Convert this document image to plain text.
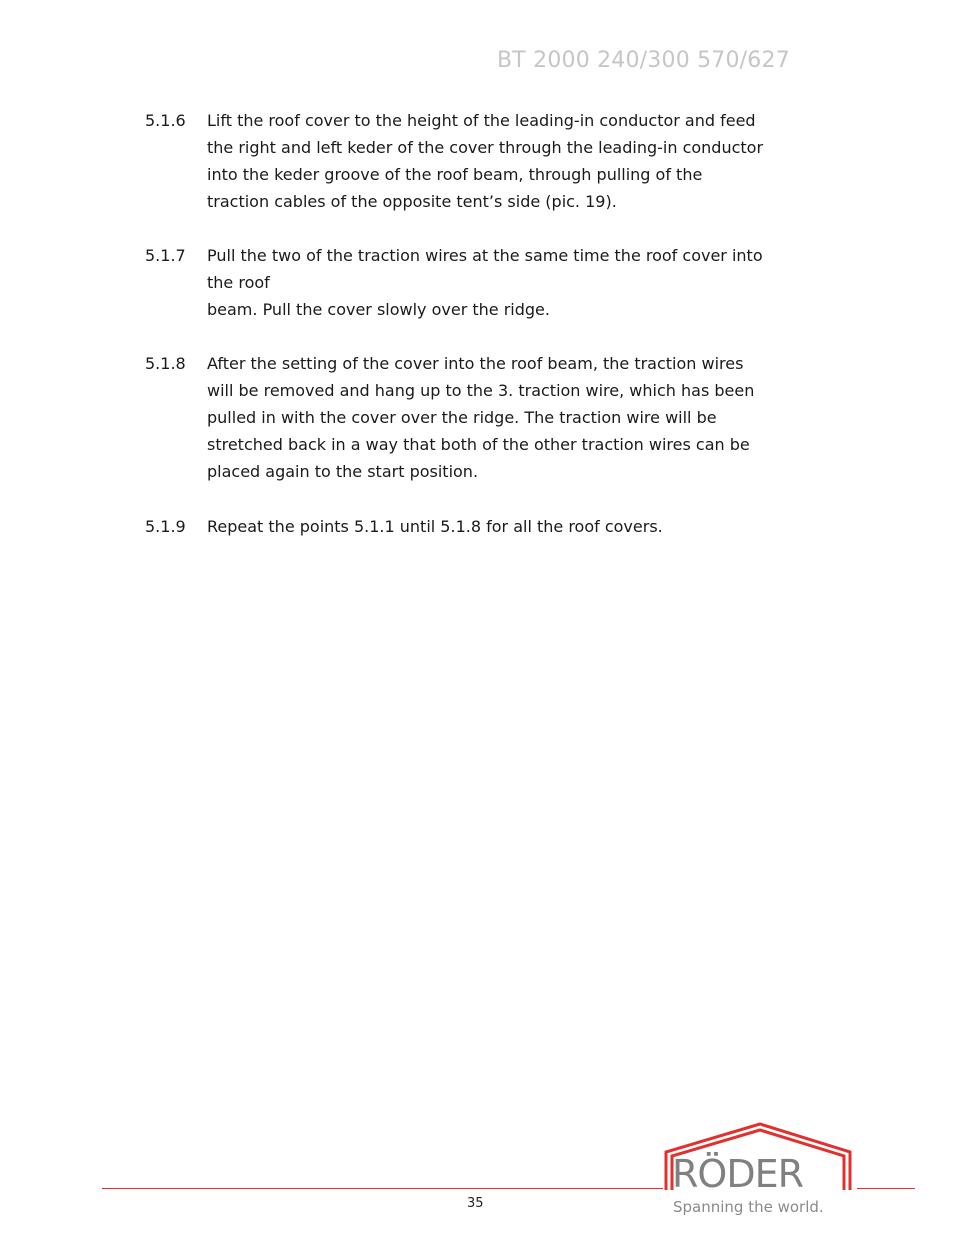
BT 2000 240/300 570/627
5.1.6	Lift the roof cover to the height of the leading-in conductor and feed
the right and left keder of the cover through the leading-in conductor
into the keder groove of the roof beam, through pulling of the
traction cables of the opposite tent’s side (pic. 19).
5.1.7	Pull the two of the traction wires at the same time the roof cover into
the roof
beam. Pull the cover slowly over the ridge.
5.1.8	After the setting of the cover into the roof beam, the traction wires
will be removed and hang up to the 3. traction wire, which has been
pulled in with the cover over the ridge. The traction wire will be
stretched back in a way that both of the other traction wires can be
placed again to the start position.
5.1.9	Repeat the points 5.1.1 until 5.1.8 for all the roof covers.
35
RÖDER
Spanning the world.
